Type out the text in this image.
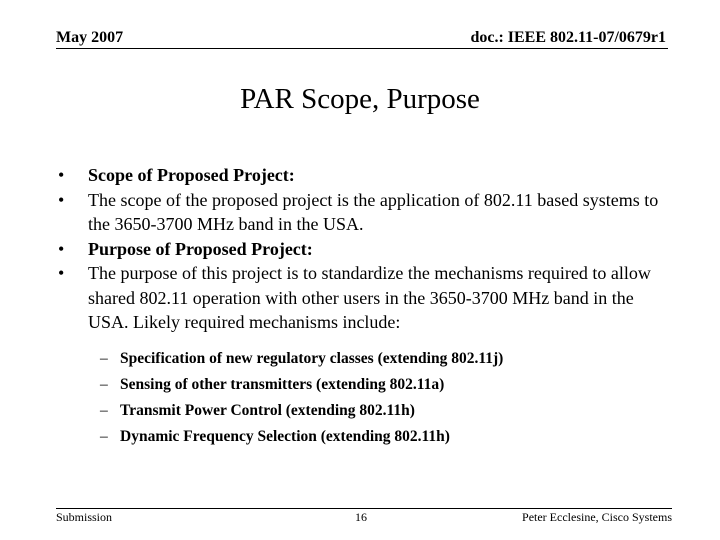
May 2007	doc.: IEEE 802.11-07/0679r1
PAR Scope, Purpose
• Scope of Proposed Project:
• The scope of the proposed project is the application of 802.11 based systems to the 3650-3700 MHz band in the USA.
• Purpose of Proposed Project:
• The purpose of this project is to standardize the mechanisms required to allow shared 802.11 operation with other users in the 3650-3700 MHz band in the USA. Likely required mechanisms include:
– Specification of new regulatory classes (extending 802.11j)
– Sensing of other transmitters (extending 802.11a)
– Transmit Power Control (extending 802.11h)
– Dynamic Frequency Selection (extending 802.11h)
Submission	16	Peter Ecclesine, Cisco Systems
